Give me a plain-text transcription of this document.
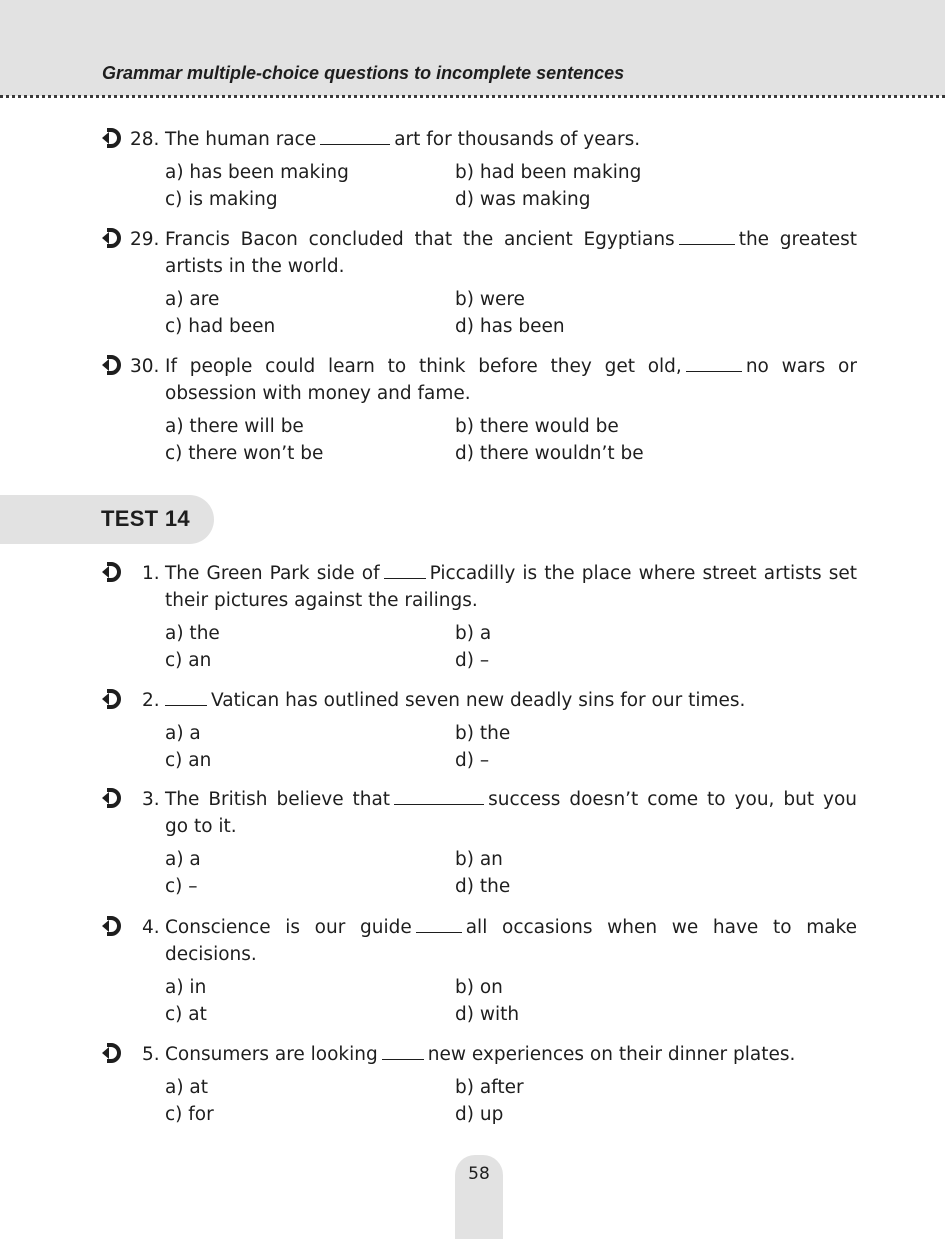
Grammar multiple-choice questions to incomplete sentences
28. The human race	art for thousands of years.
a) has been making	b) had been making
c) is making	d) was making
29. Francis Bacon concluded that the ancient Egyptians	the greatest artists in the world.
a) are	b) were
c) had been	d) has been
30. If people could learn to think before they get old,	no wars or obsession with money and fame.
a) there will be	b) there would be
c) there won’t be	d) there wouldn’t be
TEST 14
1. The Green Park side of	Piccadilly is the place where street artists set their pictures against the railings.
a) the	b) a
c) an	d) –
2.	Vatican has outlined seven new deadly sins for our times.
a) a	b) the
c) an	d) –
3. The British believe that	success doesn’t come to you, but you go to it.
a) a	b) an
c) –	d) the
4. Conscience is our guide	all occasions when we have to make decisions.
a) in	b) on
c) at	d) with
5. Consumers are looking	new experiences on their dinner plates.
a) at	b) after
c) for	d) up
58
